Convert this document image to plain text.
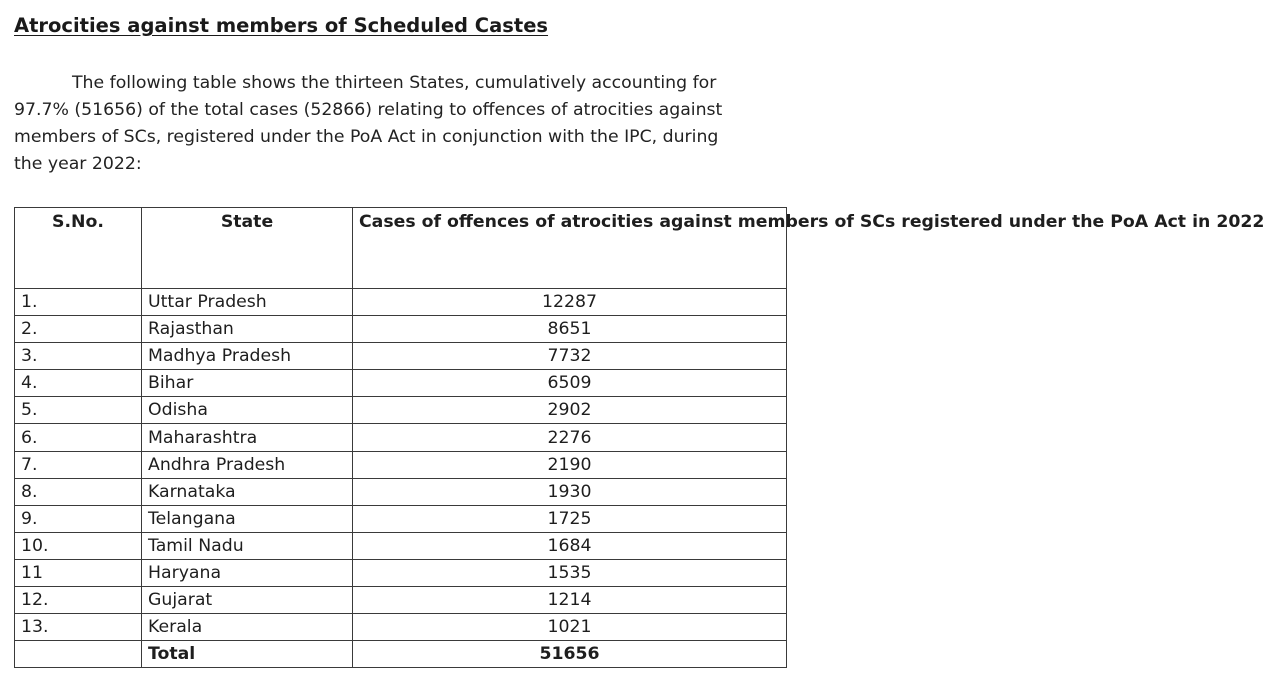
Atrocities against members of Scheduled Castes
The following table shows the thirteen States, cumulatively accounting for
97.7% (51656) of the total cases (52866) relating to offences of atrocities against
members of SCs, registered under the PoA Act in conjunction with the IPC, during
the year 2022:
S.No.	State	Cases of offences of atrocities against members of SCs registered under the PoA Act in 2022
1.	Uttar Pradesh	12287
2.	Rajasthan	8651
3.	Madhya Pradesh	7732
4.	Bihar	6509
5.	Odisha	2902
6.	Maharashtra	2276
7.	Andhra Pradesh	2190
8.	Karnataka	1930
9.	Telangana	1725
10.	Tamil Nadu	1684
11	Haryana	1535
12.	Gujarat	1214
13.	Kerala	1021
	Total	51656
